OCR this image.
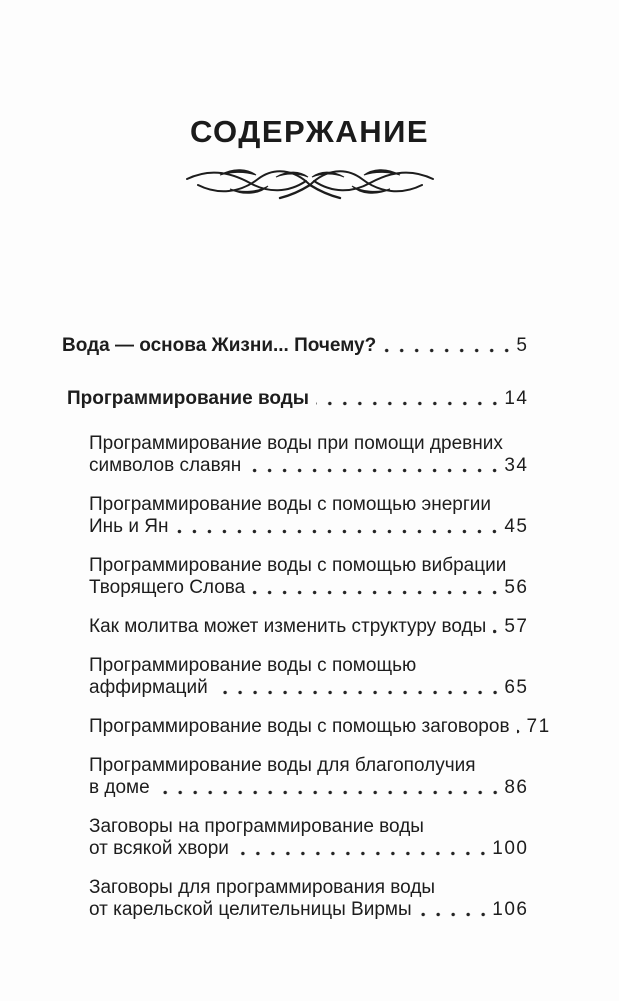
СОДЕРЖАНИЕ
Вода — основа Жизни... Почему?	5
Программирование воды	14
Программирование воды при помощи древних
символов славян	34
Программирование воды с помощью энергии
Инь и Ян	45
Программирование воды с помощью вибрации
Творящего Слова	56
Как молитва может изменить структуру воды 57
Программирование воды с помощью
аффирмаций	65
Программирование воды с помощью заговоров 71
Программирование воды для благополучия
в доме	86
Заговоры на программирование воды
от всякой хвори	100
Заговоры для программирования воды
от карельской целительницы Вирмы	106
